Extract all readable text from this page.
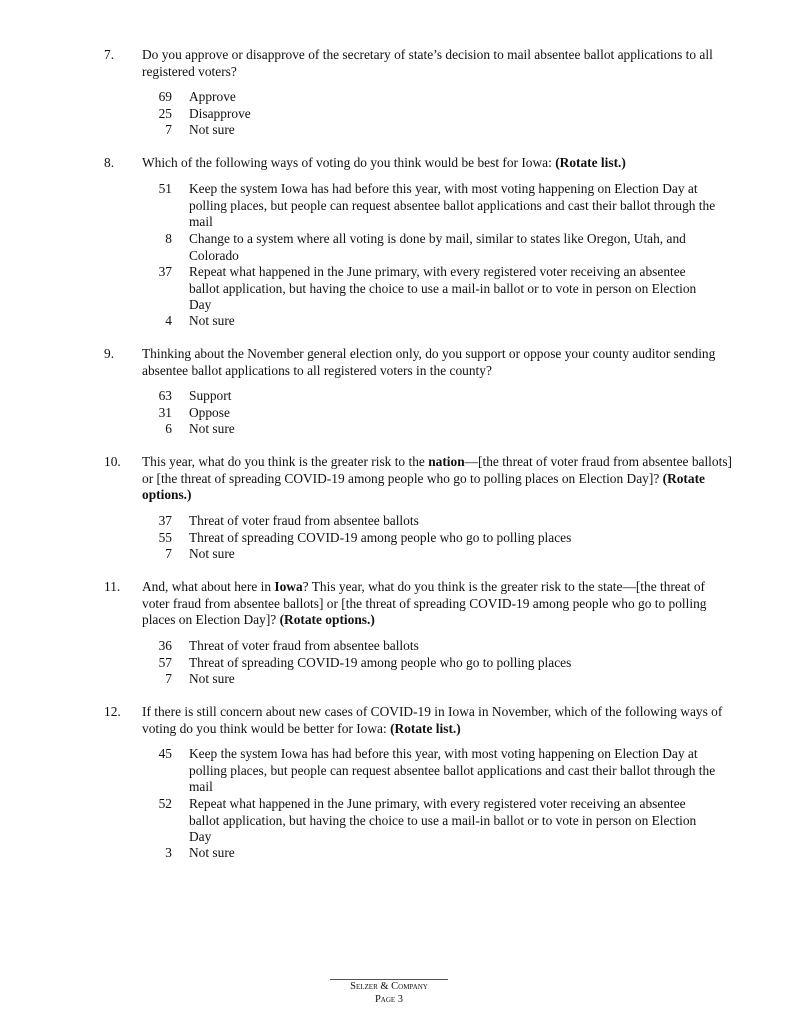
7. Do you approve or disapprove of the secretary of state’s decision to mail absentee ballot applications to all registered voters?
69 Approve
25 Disapprove
7 Not sure
8. Which of the following ways of voting do you think would be best for Iowa: (Rotate list.)
51 Keep the system Iowa has had before this year, with most voting happening on Election Day at polling places, but people can request absentee ballot applications and cast their ballot through the mail
8 Change to a system where all voting is done by mail, similar to states like Oregon, Utah, and Colorado
37 Repeat what happened in the June primary, with every registered voter receiving an absentee ballot application, but having the choice to use a mail-in ballot or to vote in person on Election Day
4 Not sure
9. Thinking about the November general election only, do you support or oppose your county auditor sending absentee ballot applications to all registered voters in the county?
63 Support
31 Oppose
6 Not sure
10. This year, what do you think is the greater risk to the nation—[the threat of voter fraud from absentee ballots] or [the threat of spreading COVID-19 among people who go to polling places on Election Day]? (Rotate options.)
37 Threat of voter fraud from absentee ballots
55 Threat of spreading COVID-19 among people who go to polling places
7 Not sure
11. And, what about here in Iowa? This year, what do you think is the greater risk to the state—[the threat of voter fraud from absentee ballots] or [the threat of spreading COVID-19 among people who go to polling places on Election Day]? (Rotate options.)
36 Threat of voter fraud from absentee ballots
57 Threat of spreading COVID-19 among people who go to polling places
7 Not sure
12. If there is still concern about new cases of COVID-19 in Iowa in November, which of the following ways of voting do you think would be better for Iowa: (Rotate list.)
45 Keep the system Iowa has had before this year, with most voting happening on Election Day at polling places, but people can request absentee ballot applications and cast their ballot through the mail
52 Repeat what happened in the June primary, with every registered voter receiving an absentee ballot application, but having the choice to use a mail-in ballot or to vote in person on Election Day
3 Not sure
Selzer & Company
Page 3
